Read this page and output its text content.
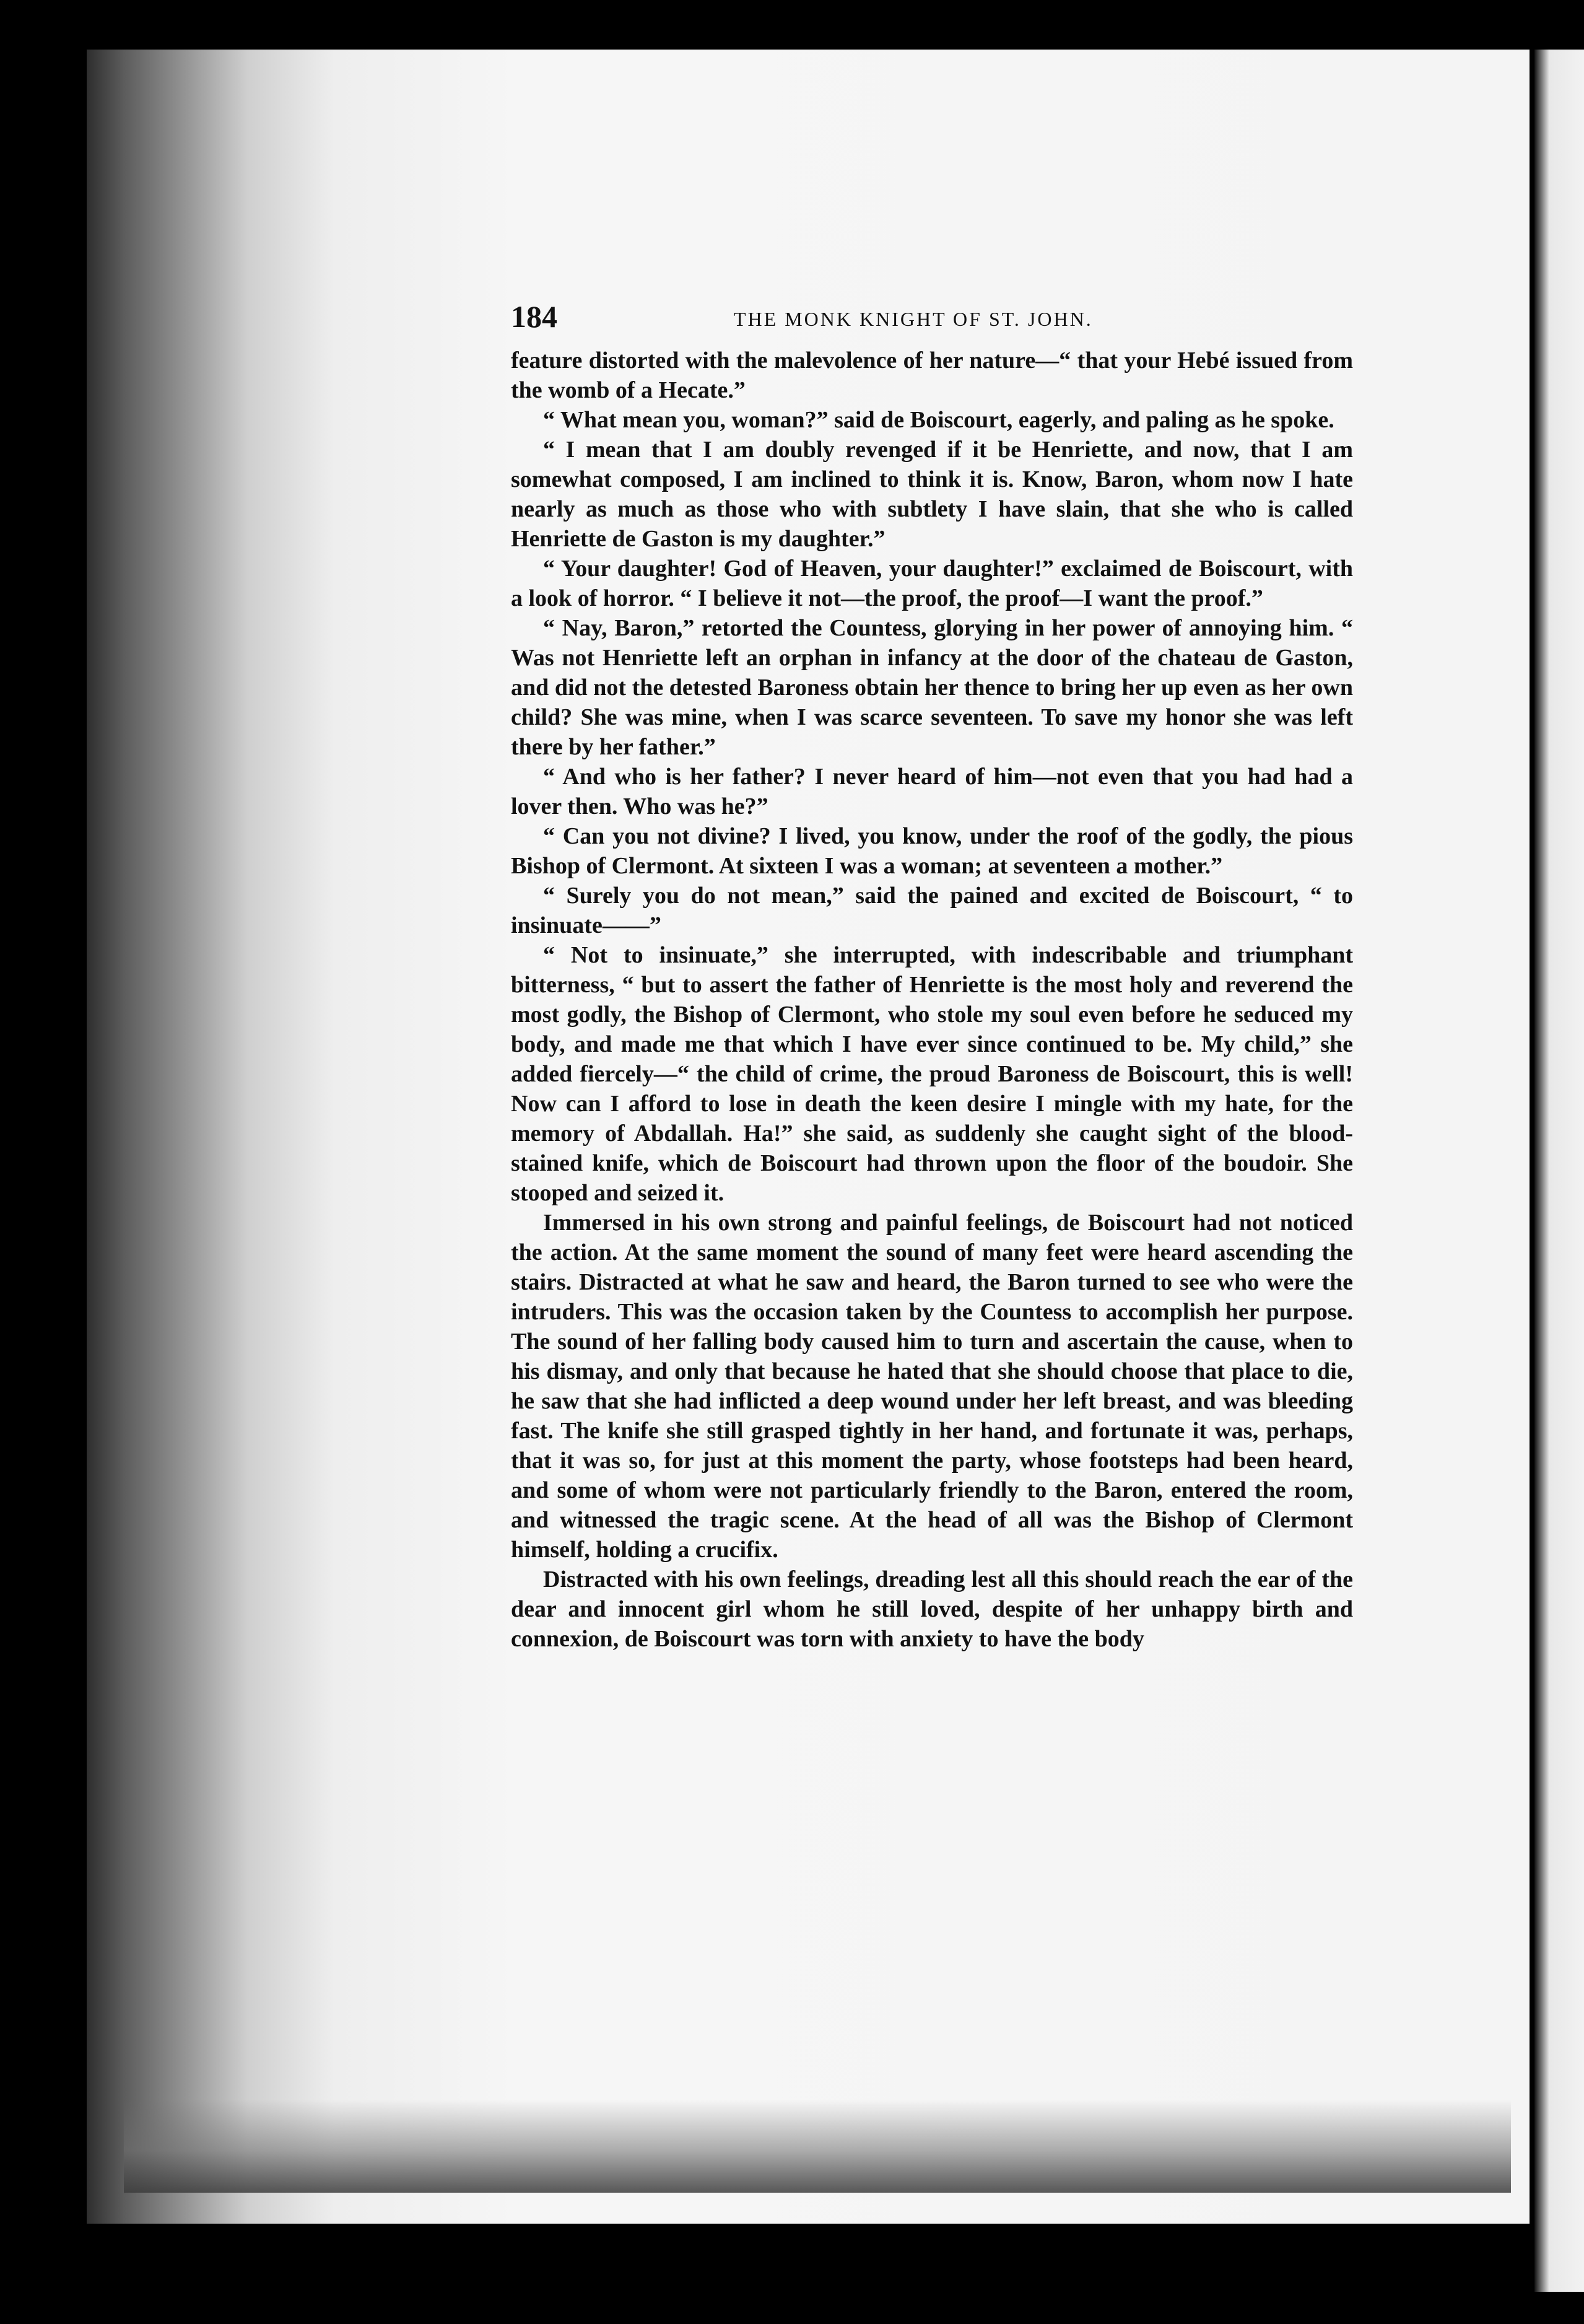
184	THE MONK KNIGHT OF ST. JOHN.

feature distorted with the malevolence of her nature—“ that your Hebé issued from the womb of a Hecate.”

“ What mean you, woman?” said de Boiscourt, eagerly, and paling as he spoke.

“ I mean that I am doubly revenged if it be Henriette, and now, that I am somewhat composed, I am inclined to think it is. Know, Baron, whom now I hate nearly as much as those who with subtlety I have slain, that she who is called Henriette de Gaston is my daughter.”

“ Your daughter! God of Heaven, your daughter!” exclaimed de Boiscourt, with a look of horror. “ I believe it not—the proof, the proof—I want the proof.”

“ Nay, Baron,” retorted the Countess, glorying in her power of annoying him. “ Was not Henriette left an orphan in infancy at the door of the chateau de Gaston, and did not the detested Baroness obtain her thence to bring her up even as her own child? She was mine, when I was scarce seventeen. To save my honor she was left there by her father.”

“ And who is her father? I never heard of him—not even that you had had a lover then. Who was he?”

“ Can you not divine? I lived, you know, under the roof of the godly, the pious Bishop of Clermont. At sixteen I was a woman; at seventeen a mother.”

“ Surely you do not mean,” said the pained and excited de Boiscourt, “ to insinuate——”

“ Not to insinuate,” she interrupted, with indescribable and triumphant bitterness, “ but to assert the father of Henriette is the most holy and reverend the most godly, the Bishop of Clermont, who stole my soul even before he seduced my body, and made me that which I have ever since continued to be. My child,” she added fiercely—“ the child of crime, the proud Baroness de Boiscourt, this is well! Now can I afford to lose in death the keen desire I mingle with my hate, for the memory of Abdallah. Ha!” she said, as suddenly she caught sight of the blood-stained knife, which de Boiscourt had thrown upon the floor of the boudoir. She stooped and seized it.

Immersed in his own strong and painful feelings, de Boiscourt had not noticed the action. At the same moment the sound of many feet were heard ascending the stairs. Distracted at what he saw and heard, the Baron turned to see who were the intruders. This was the occasion taken by the Countess to accomplish her purpose. The sound of her falling body caused him to turn and ascertain the cause, when to his dismay, and only that because he hated that she should choose that place to die, he saw that she had inflicted a deep wound under her left breast, and was bleeding fast. The knife she still grasped tightly in her hand, and fortunate it was, perhaps, that it was so, for just at this moment the party, whose footsteps had been heard, and some of whom were not particularly friendly to the Baron, entered the room, and witnessed the tragic scene. At the head of all was the Bishop of Clermont himself, holding a crucifix.

Distracted with his own feelings, dreading lest all this should reach the ear of the dear and innocent girl whom he still loved, despite of her unhappy birth and connexion, de Boiscourt was torn with anxiety to have the body
